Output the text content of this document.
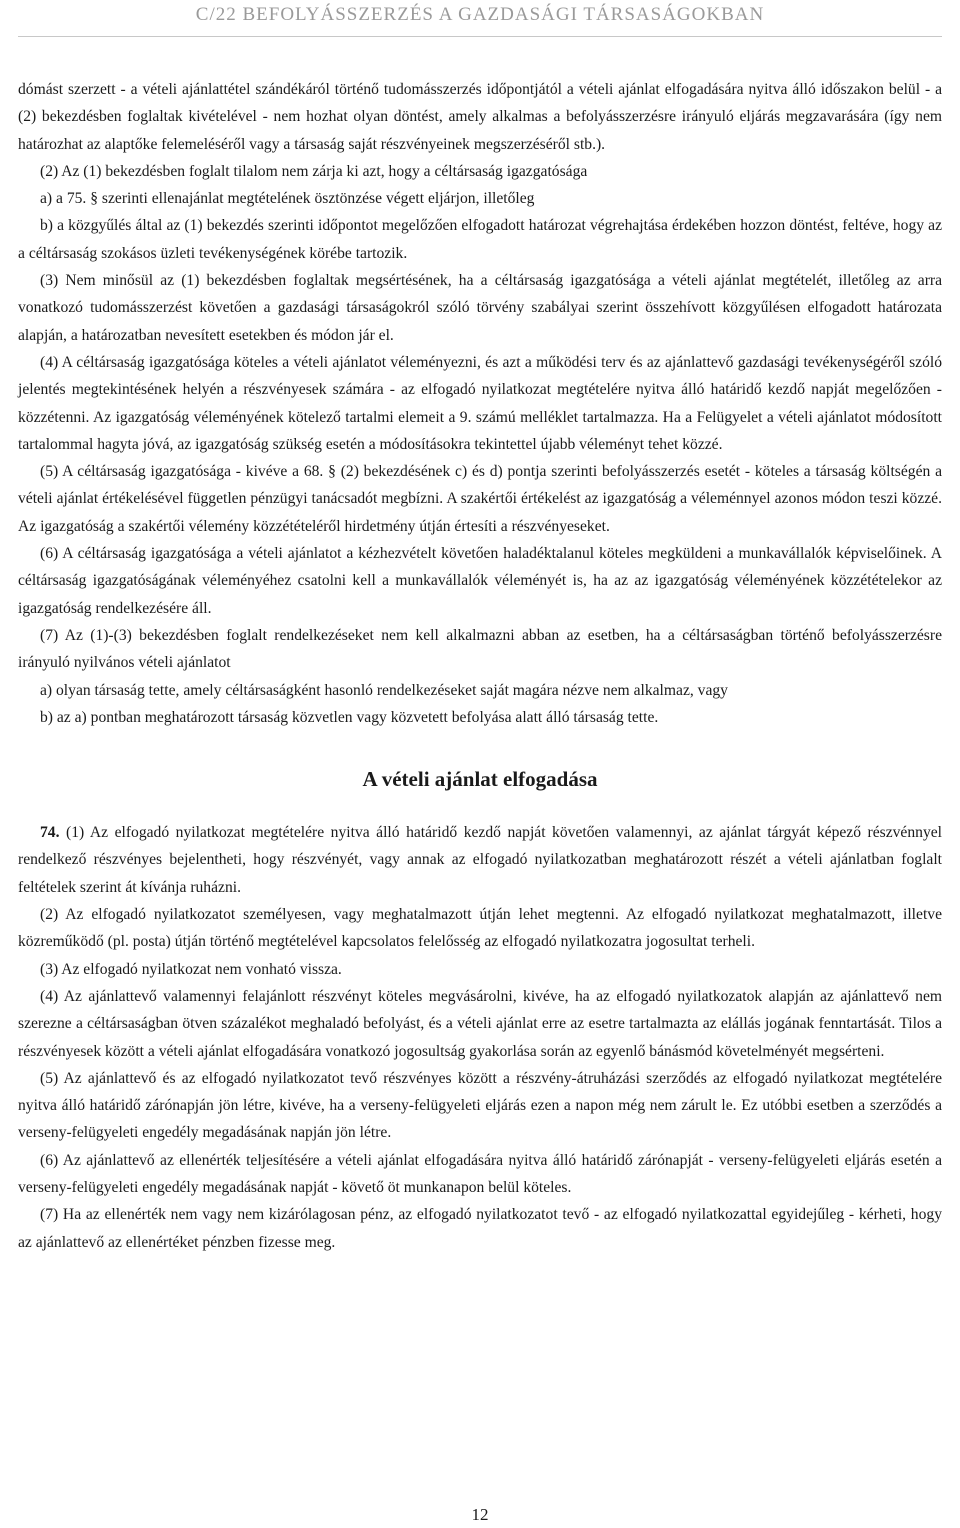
C/22 BEFOLYÁSSZERZÉS A GAZDASÁGI TÁRSASÁGOKBAN

dómást szerzett - a vételi ajánlattétel szándékáról történő tudomásszerzés időpontjától a vételi ajánlat elfogadására nyitva álló időszakon belül - a (2) bekezdésben foglaltak kivételével - nem hozhat olyan döntést, amely alkalmas a befolyásszerzésre irányuló eljárás megzavarására (így nem határozhat az alaptőke felemeléséről vagy a társaság saját részvényeinek megszerzéséről stb.).

(2) Az (1) bekezdésben foglalt tilalom nem zárja ki azt, hogy a céltársaság igazgatósága

a) a 75. § szerinti ellenajánlat megtételének ösztönzése végett eljárjon, illetőleg

b) a közgyűlés által az (1) bekezdés szerinti időpontot megelőzően elfogadott határozat végrehajtása érdekében hozzon döntést, feltéve, hogy az a céltársaság szokásos üzleti tevékenységének körébe tartozik.

(3) Nem minősül az (1) bekezdésben foglaltak megsértésének, ha a céltársaság igazgatósága a vételi ajánlat megtételét, illetőleg az arra vonatkozó tudomásszerzést követően a gazdasági társaságokról szóló törvény szabályai szerint összehívott közgyűlésen elfogadott határozata alapján, a határozatban nevesített esetekben és módon jár el.

(4) A céltársaság igazgatósága köteles a vételi ajánlatot véleményezni, és azt a működési terv és az ajánlattevő gazdasági tevékenységéről szóló jelentés megtekintésének helyén a részvényesek számára - az elfogadó nyilatkozat megtételére nyitva álló határidő kezdő napját megelőzően - közzétenni. Az igazgatóság véleményének kötelező tartalmi elemeit a 9. számú melléklet tartalmazza. Ha a Felügyelet a vételi ajánlatot módosított tartalommal hagyta jóvá, az igazgatóság szükség esetén a módosításokra tekintettel újabb véleményt tehet közzé.

(5) A céltársaság igazgatósága - kivéve a 68. § (2) bekezdésének c) és d) pontja szerinti befolyásszerzés esetét - köteles a társaság költségén a vételi ajánlat értékelésével független pénzügyi tanácsadót megbízni. A szakértői értékelést az igazgatóság a véleménnyel azonos módon teszi közzé. Az igazgatóság a szakértői vélemény közzétételéről hirdetmény útján értesíti a részvényeseket.

(6) A céltársaság igazgatósága a vételi ajánlatot a kézhezvételt követően haladéktalanul köteles megküldeni a munkavállalók képviselőinek. A céltársaság igazgatóságának véleményéhez csatolni kell a munkavállalók véleményét is, ha az az igazgatóság véleményének közzétételekor az igazgatóság rendelkezésére áll.

(7) Az (1)-(3) bekezdésben foglalt rendelkezéseket nem kell alkalmazni abban az esetben, ha a céltársaságban történő befolyásszerzésre irányuló nyilvános vételi ajánlatot

a) olyan társaság tette, amely céltársaságként hasonló rendelkezéseket saját magára nézve nem alkalmaz, vagy

b) az a) pontban meghatározott társaság közvetlen vagy közvetett befolyása alatt álló társaság tette.

A vételi ajánlat elfogadása

74. (1) Az elfogadó nyilatkozat megtételére nyitva álló határidő kezdő napját követően valamennyi, az ajánlat tárgyát képező részvénnyel rendelkező részvényes bejelentheti, hogy részvényét, vagy annak az elfogadó nyilatkozatban meghatározott részét a vételi ajánlatban foglalt feltételek szerint át kívánja ruházni.

(2) Az elfogadó nyilatkozatot személyesen, vagy meghatalmazott útján lehet megtenni. Az elfogadó nyilatkozat meghatalmazott, illetve közreműködő (pl. posta) útján történő megtételével kapcsolatos felelősség az elfogadó nyilatkozatra jogosultat terheli.

(3) Az elfogadó nyilatkozat nem vonható vissza.

(4) Az ajánlattevő valamennyi felajánlott részvényt köteles megvásárolni, kivéve, ha az elfogadó nyilatkozatok alapján az ajánlattevő nem szerezne a céltársaságban ötven százalékot meghaladó befolyást, és a vételi ajánlat erre az esetre tartalmazta az elállás jogának fenntartását. Tilos a részvényesek között a vételi ajánlat elfogadására vonatkozó jogosultság gyakorlása során az egyenlő bánásmód követelményét megsérteni.

(5) Az ajánlattevő és az elfogadó nyilatkozatot tevő részvényes között a részvény-átruházási szerződés az elfogadó nyilatkozat megtételére nyitva álló határidő zárónapján jön létre, kivéve, ha a verseny-felügyeleti eljárás ezen a napon még nem zárult le. Ez utóbbi esetben a szerződés a verseny-felügyeleti engedély megadásának napján jön létre.

(6) Az ajánlattevő az ellenérték teljesítésére a vételi ajánlat elfogadására nyitva álló határidő zárónapját - verseny-felügyeleti eljárás esetén a verseny-felügyeleti engedély megadásának napját - követő öt munkanapon belül köteles.

(7) Ha az ellenérték nem vagy nem kizárólagosan pénz, az elfogadó nyilatkozatot tevő - az elfogadó nyilatkozattal egyidejűleg - kérheti, hogy az ajánlattevő az ellenértéket pénzben fizesse meg.

12
